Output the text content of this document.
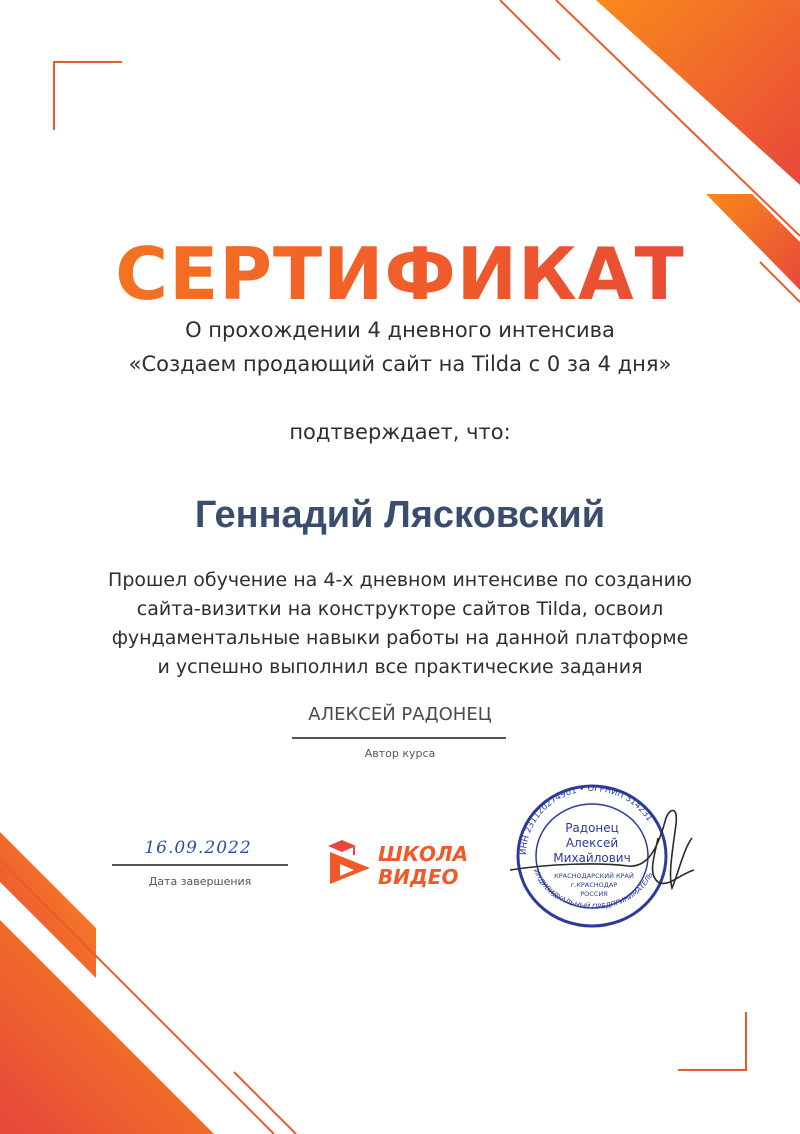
СЕРТИФИКАТ
О прохождении 4 дневного интенсива
«Создаем продающий сайт на Tilda с 0 за 4 дня»
подтверждает, что:
Геннадий Лясковский
Прошел обучение на 4-х дневном интенсиве по созданию
сайта-визитки на конструкторе сайтов Tilda, освоил
фундаментальные навыки работы на данной платформе
и успешно выполнил все практические задания
АЛЕКСЕЙ РАДОНЕЦ
Автор курса
16.09.2022
Дата завершения
ШКОЛА
ВИДЕО
ИНН 231120274901 • ОГРНИП 314231
ИНДИВИДУАЛЬНЫЙ ПРЕДПРИНИМАТЕЛЬ
Радонец
Алексей
Михайлович
КРАСНОДАРСКИЙ КРАЙ
г.КРАСНОДАР
РОССИЯ
